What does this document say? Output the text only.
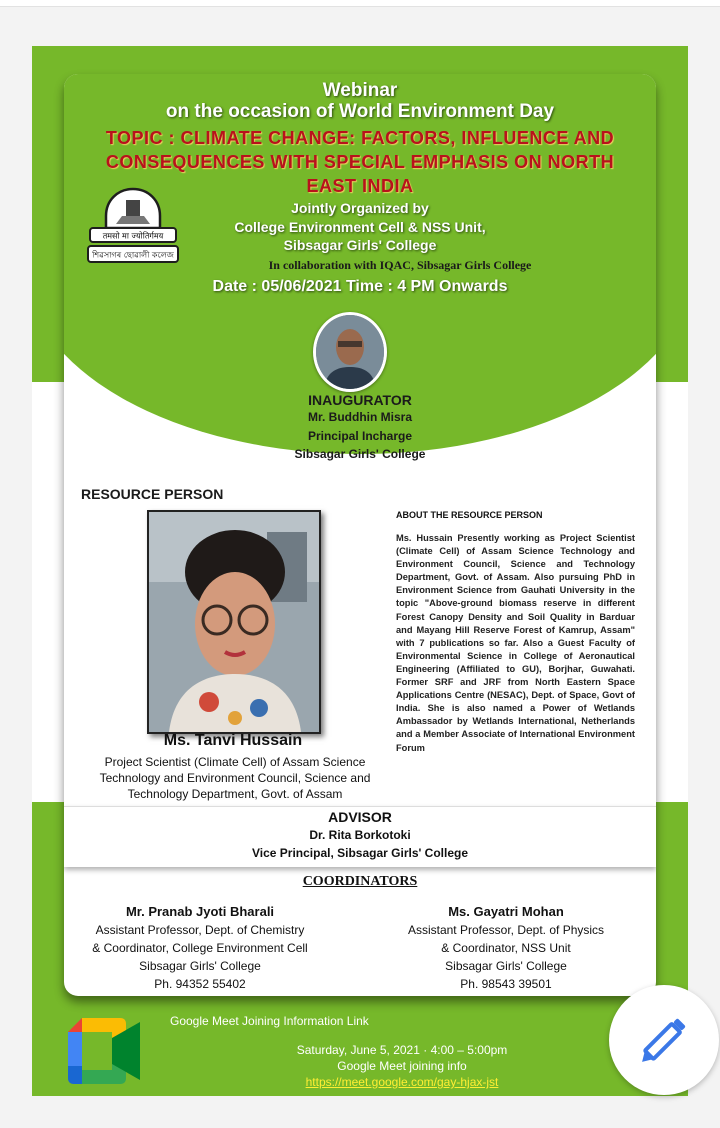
Webinar
on the occasion of World Environment Day
TOPIC : CLIMATE CHANGE: FACTORS, INFLUENCE AND CONSEQUENCES WITH SPECIAL EMPHASIS ON NORTH EAST INDIA
तमसो मा ज्योतिर्गमय
শিৱসাগৰ ছোৱালী কলেজ
Jointly Organized by
College Environment Cell & NSS Unit,
Sibsagar Girls' College
In collaboration with IQAC, Sibsagar Girls College
Date : 05/06/2021 Time : 4 PM Onwards
INAUGURATOR
Mr. Buddhin Misra
Principal Incharge
Sibsagar Girls' College
RESOURCE PERSON
Ms. Tanvi Hussain
Project Scientist (Climate Cell) of Assam Science Technology and Environment Council, Science and Technology Department, Govt. of Assam
ABOUT THE RESOURCE PERSON
Ms. Hussain Presently working as Project Scientist (Climate Cell) of Assam Science Technology and Environment Council, Science and Technology Department, Govt. of Assam. Also pursuing PhD in Environment Science from Gauhati University in the topic "Above-ground biomass reserve in different Forest Canopy Density and Soil Quality in Barduar and Mayang Hill Reserve Forest of Kamrup, Assam" with 7 publications so far. Also a Guest Faculty of Environmental Science in College of Aeronautical Engineering (Affiliated to GU), Borjhar, Guwahati. Former SRF and JRF from North Eastern Space Applications Centre (NESAC), Dept. of Space, Govt of India. She is also named a Power of Wetlands Ambassador by Wetlands International, Netherlands and a Member Associate of International Environment Forum
ADVISOR
Dr. Rita Borkotoki
Vice Principal, Sibsagar Girls' College
COORDINATORS
Mr. Pranab Jyoti Bharali
Assistant Professor, Dept. of Chemistry
& Coordinator, College Environment Cell
Sibsagar Girls' College
Ph. 94352 55402
Ms. Gayatri Mohan
Assistant Professor, Dept. of Physics
& Coordinator, NSS Unit
Sibsagar Girls' College
Ph. 98543 39501
Google Meet Joining Information Link
Saturday, June 5, 2021 · 4:00 – 5:00pm
Google Meet joining info
https://meet.google.com/gay-hjax-jst
